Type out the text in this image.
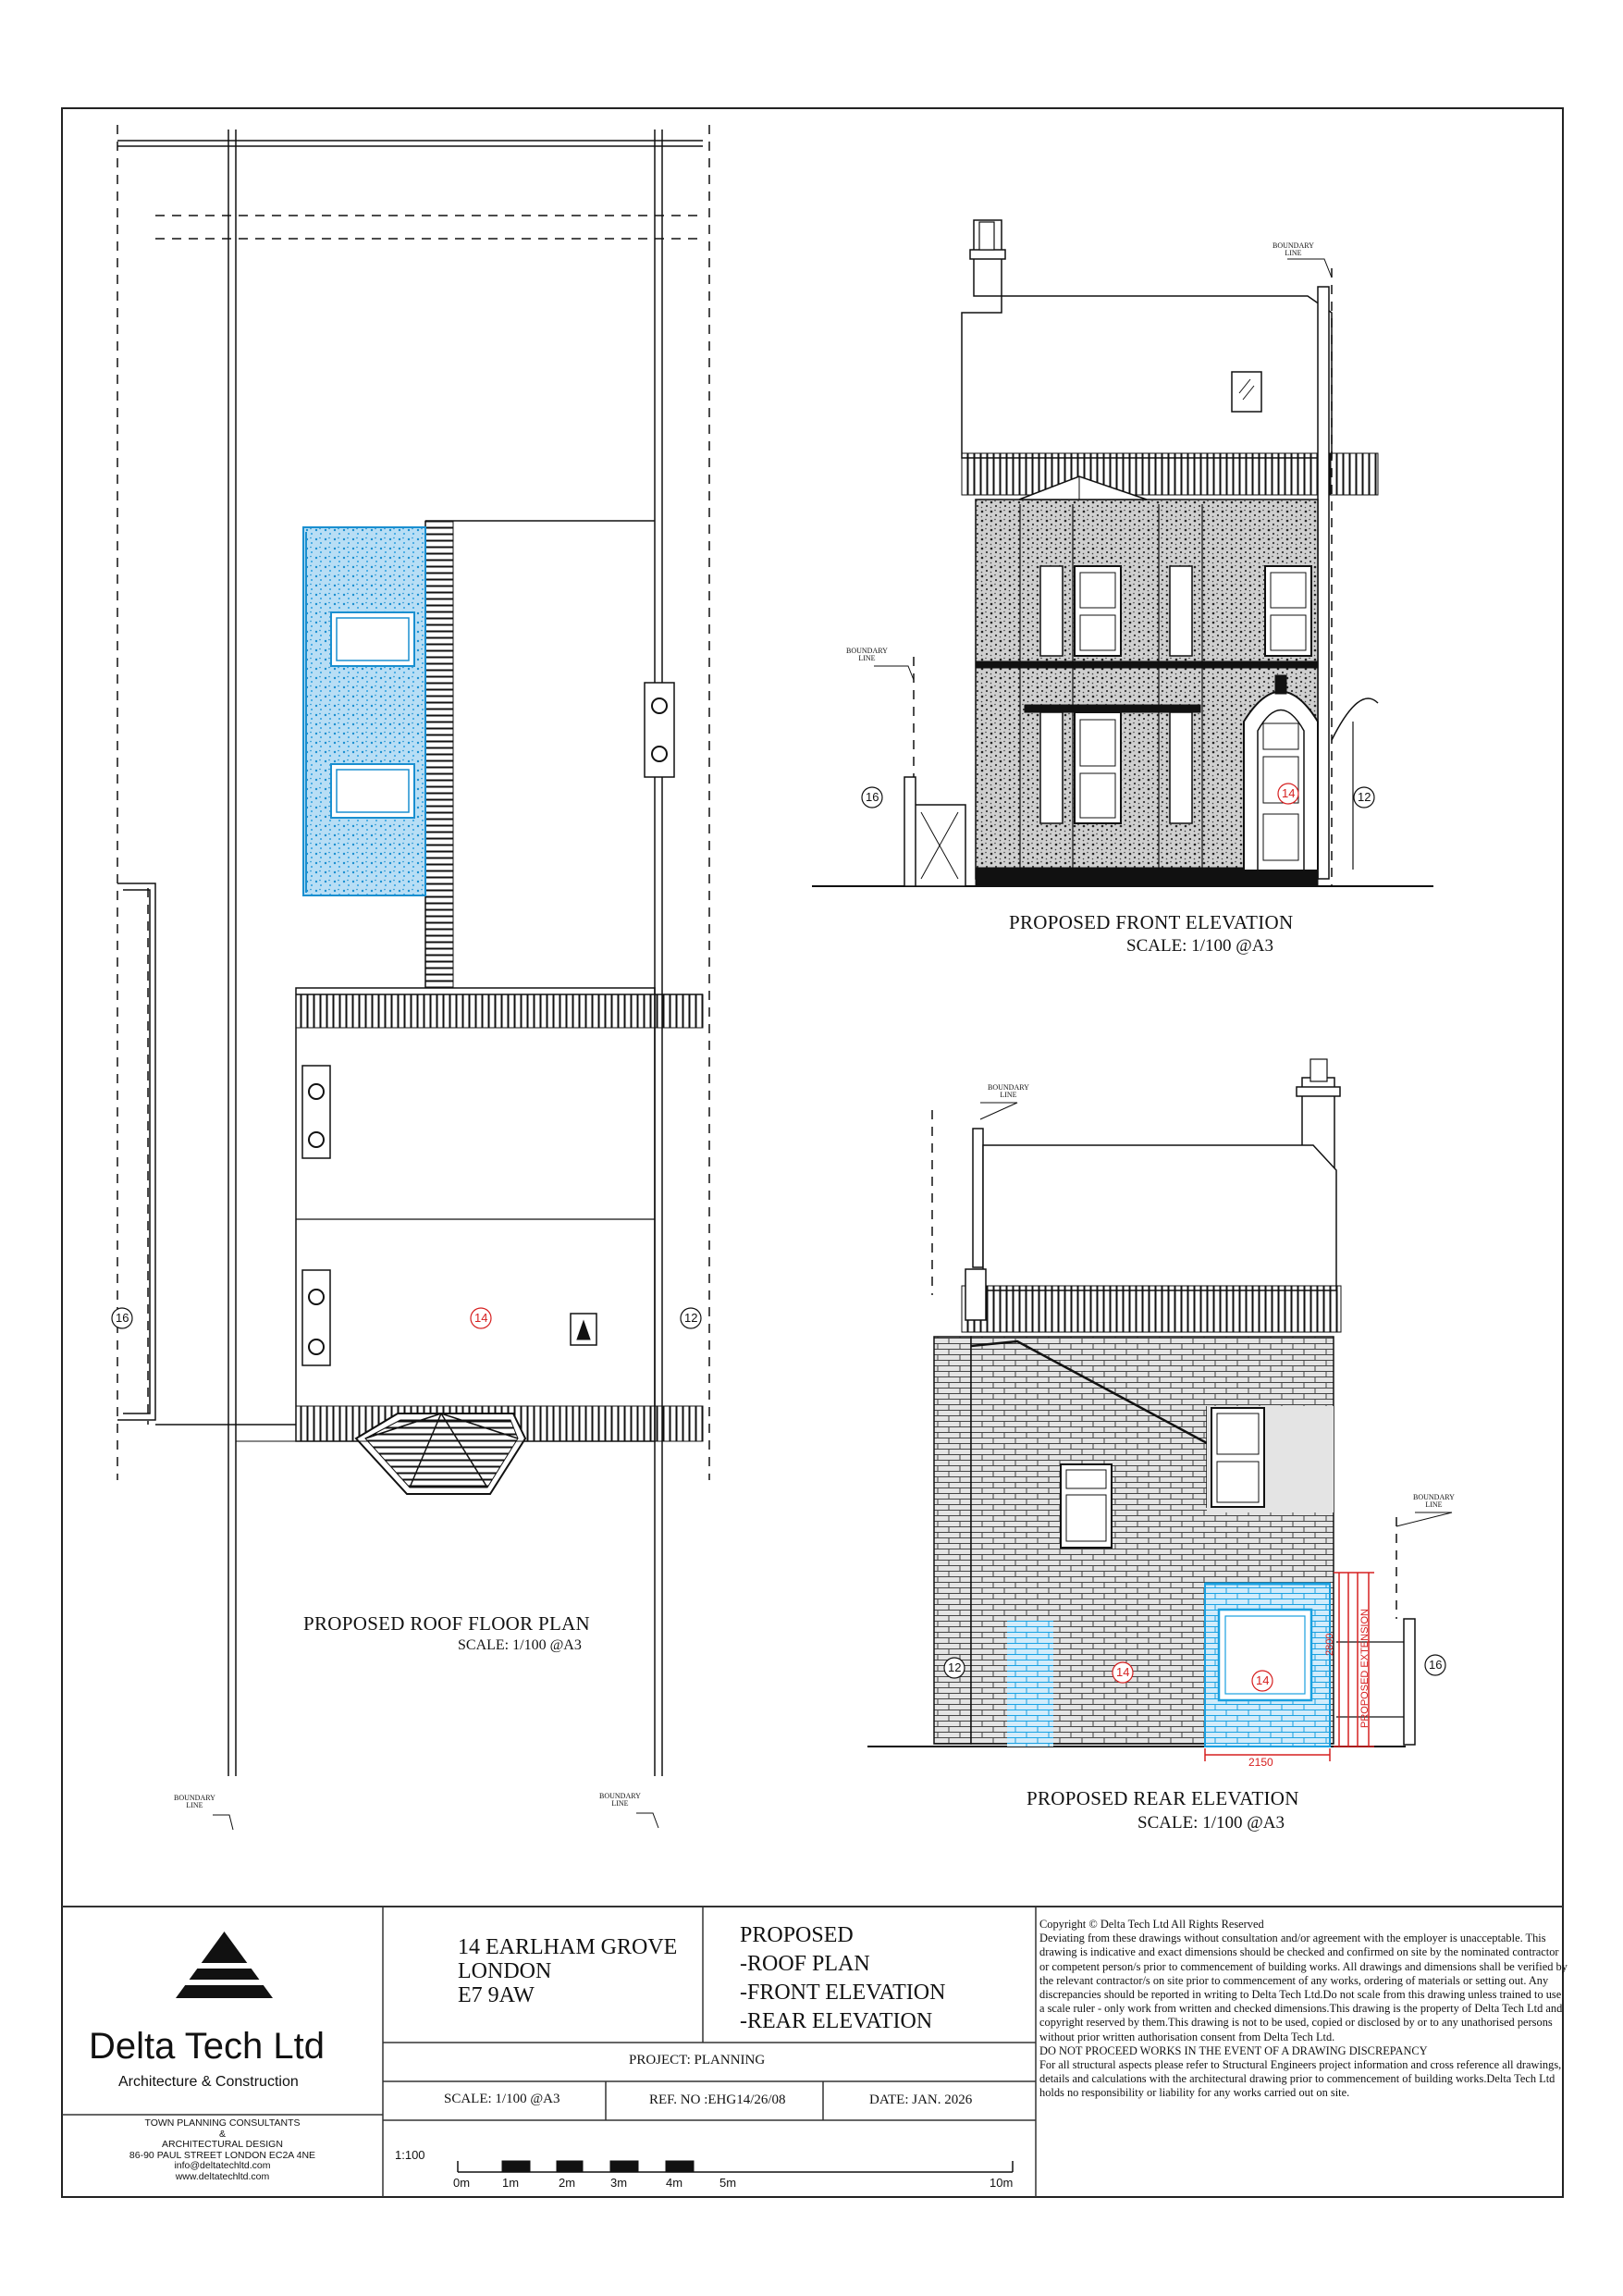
PROPOSED ROOF FLOOR PLAN
SCALE: 1/100 @A3
PROPOSED FRONT ELEVATION
SCALE: 1/100 @A3
PROPOSED REAR ELEVATION
SCALE: 1/100 @A3
16	12
14
16	12
14
12	16
14
14
2150
2800 PROPOSED EXTENSION
BOUNDARY
LINE
BOUNDARY
LINE
BOUNDARY
LINE
BOUNDARY
LINE
BOUNDARY
LINE
BOUNDARY
LINE
Delta Tech Ltd
Architecture & Construction
TOWN PLANNING CONSULTANTS
&
ARCHITECTURAL DESIGN
86-90 PAUL STREET LONDON EC2A 4NE
info@deltatechltd.com
www.deltatechltd.com
14 EARLHAM GROVE
LONDON
E7 9AW
PROPOSED
-ROOF PLAN
-FRONT ELEVATION
-REAR ELEVATION
PROJECT: PLANNING
SCALE: 1/100 @A3	REF. NO :EHG14/26/08	DATE: JAN. 2026
1:100
0m	1m	2m	3m	4m	5m	10m

Copyright © Delta Tech Ltd All Rights Reserved

Deviating from these drawings without consultation and/or agreement with the employer is unacceptable. This drawing is indicative and exact dimensions should be checked and confirmed on site by the nominated contractor or competent person/s prior to commencement of building works. All drawings and dimensions shall be verified by the relevant contractor/s on site prior to commencement of any works, ordering of materials or setting out. Any discrepancies should be reported in writing to Delta Tech Ltd.Do not scale from this drawing unless trained to use a scale ruler - only work from written and checked dimensions.This drawing is the property of Delta Tech Ltd and copyright reserved by them.This drawing is not to be used, copied or disclosed by or to any unathorised persons without prior written authorisation consent from Delta Tech Ltd.

DO NOT PROCEED WORKS IN THE EVENT OF A DRAWING DISCREPANCY

For all structural aspects please refer to Structural Engineers project information and cross reference all drawings, details and calculations with the architectural drawing prior to commencement of building works.Delta Tech Ltd holds no responsibility or liability for any works carried out on site.
